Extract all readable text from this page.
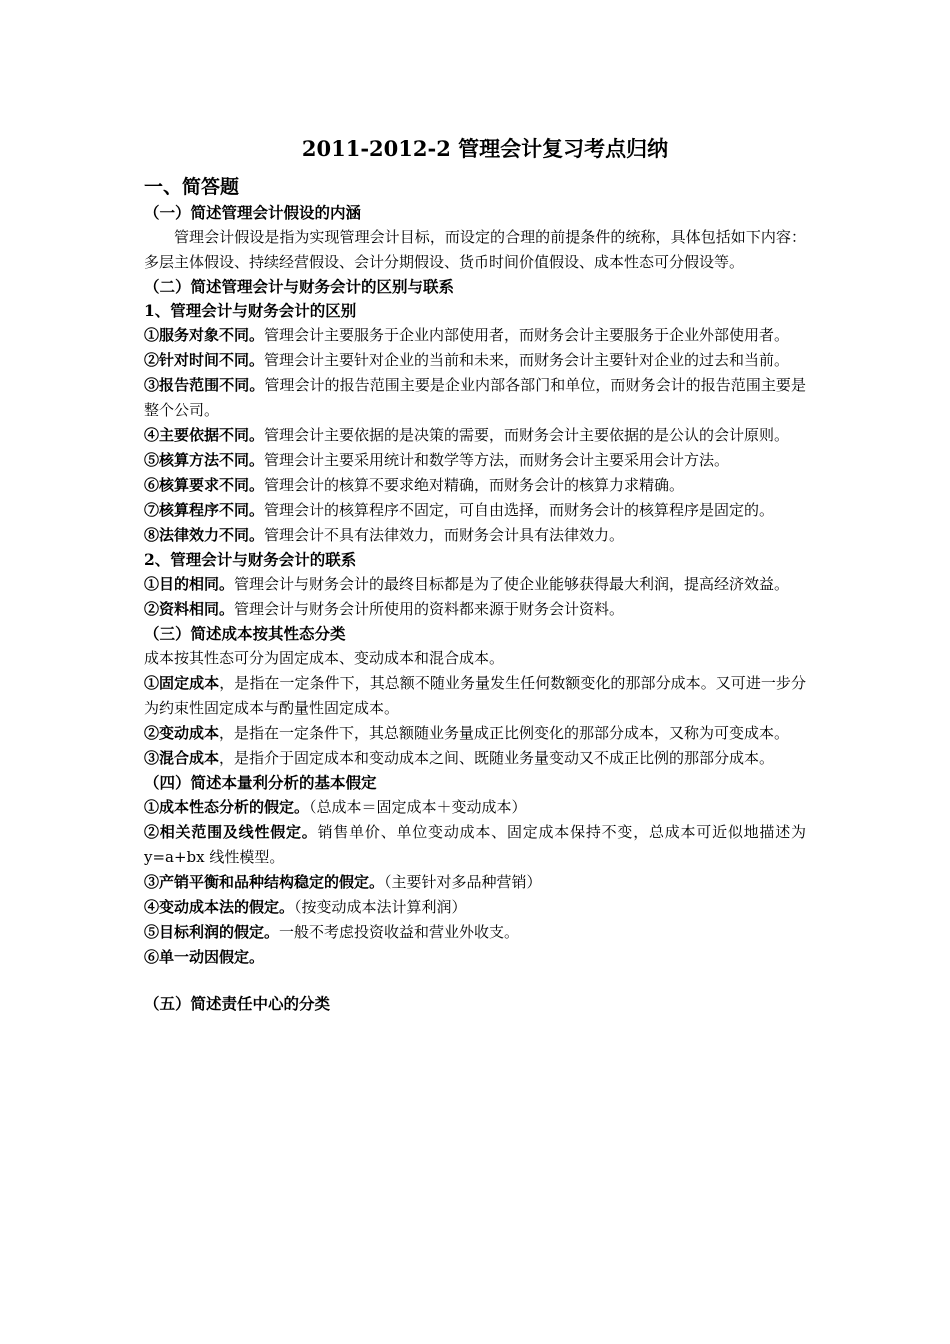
2011-2012-2 管理会计复习考点归纳
一、简答题
（一）简述管理会计假设的内涵

管理会计假设是指为实现管理会计目标，而设定的合理的前提条件的统称，具体包括如下内容：多层主体假设、持续经营假设、会计分期假设、货币时间价值假设、成本性态可分假设等。

（二）简述管理会计与财务会计的区别与联系
1、管理会计与财务会计的区别

①服务对象不同。管理会计主要服务于企业内部使用者，而财务会计主要服务于企业外部使用者。

②针对时间不同。管理会计主要针对企业的当前和未来，而财务会计主要针对企业的过去和当前。

③报告范围不同。管理会计的报告范围主要是企业内部各部门和单位，而财务会计的报告范围主要是整个公司。

④主要依据不同。管理会计主要依据的是决策的需要，而财务会计主要依据的是公认的会计原则。

⑤核算方法不同。管理会计主要采用统计和数学等方法，而财务会计主要采用会计方法。

⑥核算要求不同。管理会计的核算不要求绝对精确，而财务会计的核算力求精确。

⑦核算程序不同。管理会计的核算程序不固定，可自由选择，而财务会计的核算程序是固定的。

⑧法律效力不同。管理会计不具有法律效力，而财务会计具有法律效力。

2、管理会计与财务会计的联系

①目的相同。管理会计与财务会计的最终目标都是为了使企业能够获得最大利润，提高经济效益。

②资料相同。管理会计与财务会计所使用的资料都来源于财务会计资料。

（三）简述成本按其性态分类

成本按其性态可分为固定成本、变动成本和混合成本。

①固定成本，是指在一定条件下，其总额不随业务量发生任何数额变化的那部分成本。又可进一步分为约束性固定成本与酌量性固定成本。

②变动成本，是指在一定条件下，其总额随业务量成正比例变化的那部分成本，又称为可变成本。

③混合成本，是指介于固定成本和变动成本之间、既随业务量变动又不成正比例的那部分成本。

（四）简述本量利分析的基本假定

①成本性态分析的假定。（总成本＝固定成本＋变动成本）

②相关范围及线性假定。销售单价、单位变动成本、固定成本保持不变，总成本可近似地描述为 y=a+bx 线性模型。

③产销平衡和品种结构稳定的假定。（主要针对多品种营销）

④变动成本法的假定。（按变动成本法计算利润）

⑤目标利润的假定。一般不考虑投资收益和营业外收支。

⑥单一动因假定。

（五）简述责任中心的分类
